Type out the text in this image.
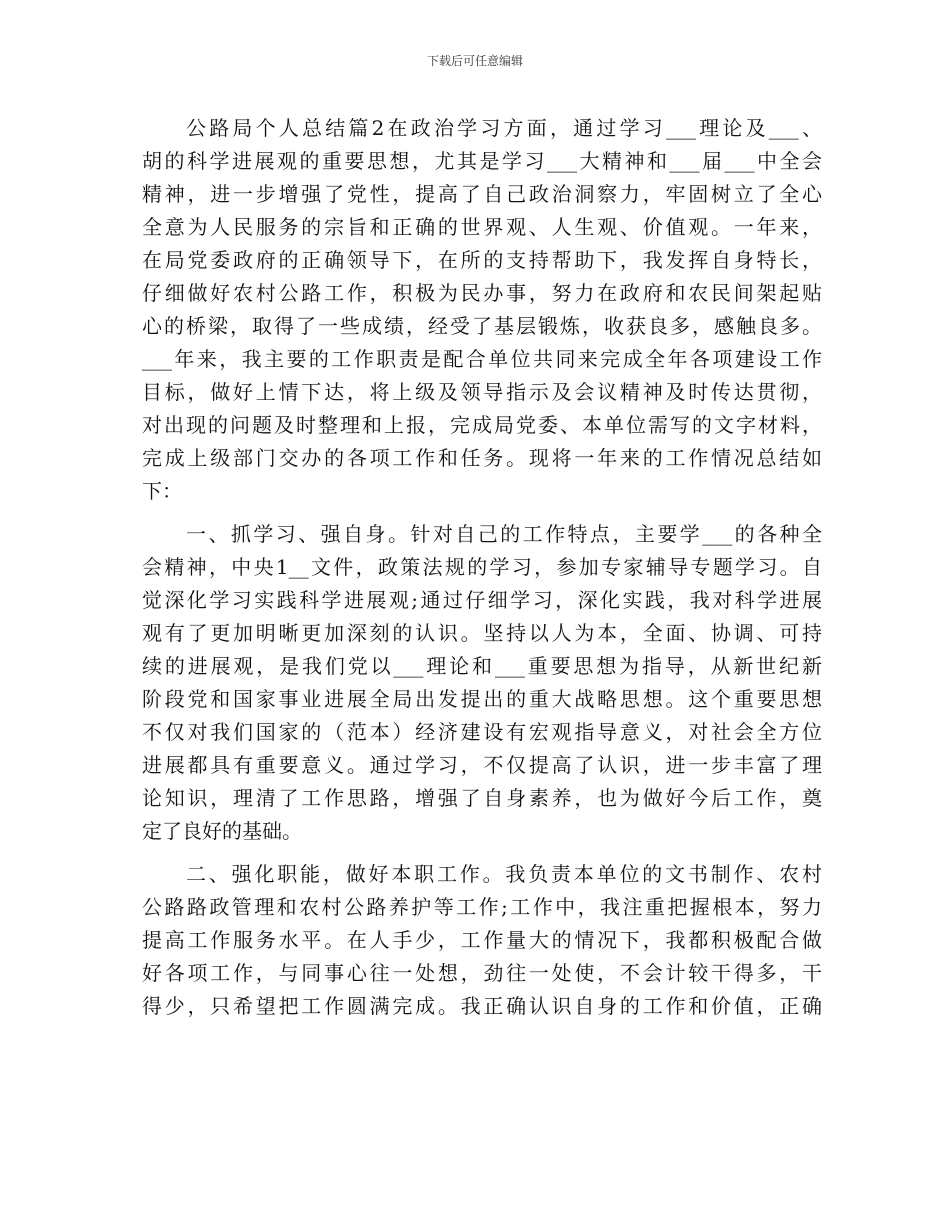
下载后可任意编辑
公路局个人总结篇2在政治学习方面，通过学习___理论及___、
胡的科学进展观的重要思想，尤其是学习___大精神和___届___中全会
精神，进一步增强了党性，提高了自己政治洞察力，牢固树立了全心
全意为人民服务的宗旨和正确的世界观、人生观、价值观。一年来，
在局党委政府的正确领导下，在所的支持帮助下，我发挥自身特长，
仔细做好农村公路工作，积极为民办事，努力在政府和农民间架起贴
心的桥梁，取得了一些成绩，经受了基层锻炼，收获良多，感触良多。
___年来，我主要的工作职责是配合单位共同来完成全年各项建设工作
目标，做好上情下达，将上级及领导指示及会议精神及时传达贯彻，
对出现的问题及时整理和上报，完成局党委、本单位需写的文字材料，
完成上级部门交办的各项工作和任务。现将一年来的工作情况总结如
下：
一、抓学习、强自身。针对自己的工作特点，主要学___的各种全
会精神，中央1__文件，政策法规的学习，参加专家辅导专题学习。自
觉深化学习实践科学进展观;通过仔细学习，深化实践，我对科学进展
观有了更加明晰更加深刻的认识。坚持以人为本，全面、协调、可持
续的进展观，是我们党以___理论和___重要思想为指导，从新世纪新
阶段党和国家事业进展全局出发提出的重大战略思想。这个重要思想
不仅对我们国家的（范本）经济建设有宏观指导意义，对社会全方位
进展都具有重要意义。通过学习，不仅提高了认识，进一步丰富了理
论知识，理清了工作思路，增强了自身素养，也为做好今后工作，奠
定了良好的基础。
二、强化职能，做好本职工作。我负责本单位的文书制作、农村
公路路政管理和农村公路养护等工作;工作中，我注重把握根本，努力
提高工作服务水平。在人手少，工作量大的情况下，我都积极配合做
好各项工作，与同事心往一处想，劲往一处使，不会计较干得多，干
得少，只希望把工作圆满完成。我正确认识自身的工作和价值，正确
